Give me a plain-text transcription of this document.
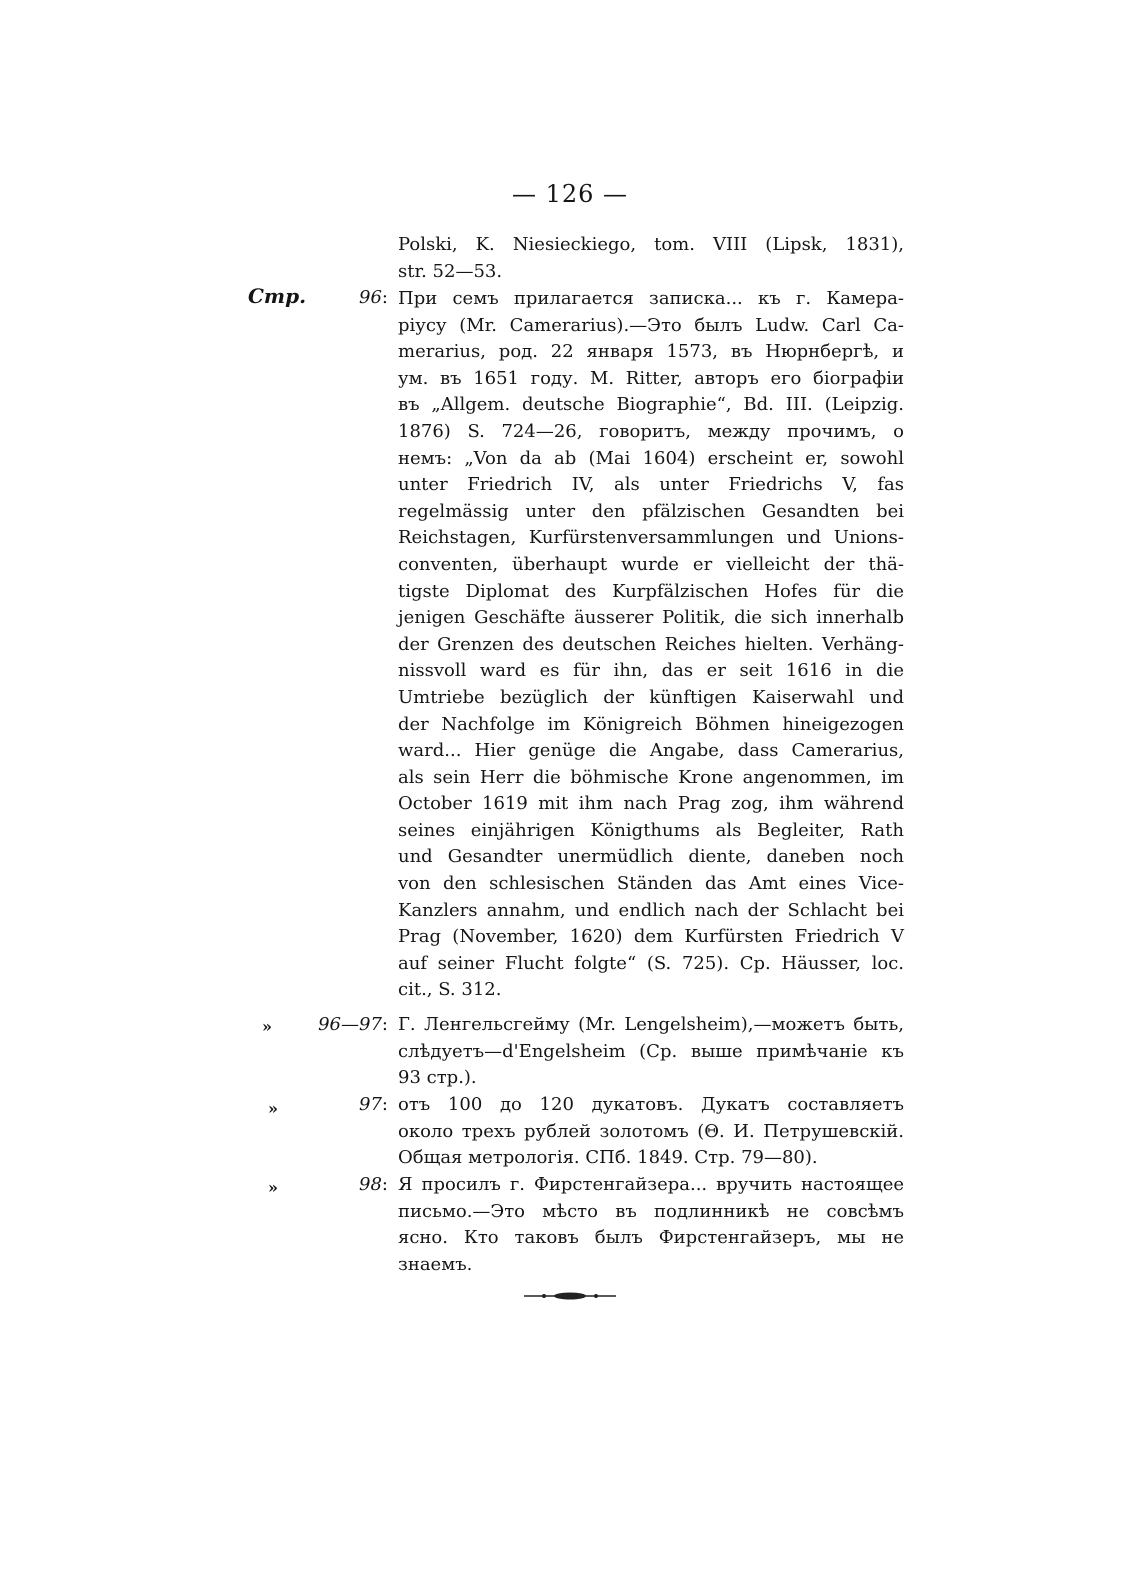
— 126 —
Polski, K. Niesieckiego, tom. VIII (Lipsk, 1831),
str. 52—53.
Стр.	96: При семъ прилагается записка... къ г. Камера-
рiусу (Mr. Camerarius).—Это былъ Ludw. Carl Ca-
merarius, род. 22 января 1573, въ Нюрнбергѣ, и
ум. въ 1651 году. M. Ritter, авторъ его бiографiи
въ „Allgem. deutsche Biographie“, Bd. III. (Leipzig.
1876) S. 724—26, говоритъ, между прочимъ, о
немъ: „Von da ab (Mai 1604) erscheint er, sowohl
unter Friedrich IV, als unter Friedrichs V, fas
regelmässig unter den pfälzischen Gesandten bei
Reichstagen, Kurfürstenversammlungen und Unions-
conventen, überhaupt wurde er vielleicht der thä-
tigste Diplomat des Kurpfälzischen Hofes für die
jenigen Geschäfte äusserer Politik, die sich innerhalb
der Grenzen des deutschen Reiches hielten. Verhäng-
nissvoll ward es für ihn, das er seit 1616 in die
Umtriebe bezüglich der künftigen Kaiserwahl und
der Nachfolge im Königreich Böhmen hineigezogen
ward... Hier genüge die Angabe, dass Camerarius,
als sein Herr die böhmische Krone angenommen, im
October 1619 mit ihm nach Prag zog, ihm während
seines einjährigen Königthums als Begleiter, Rath
und Gesandter unermüdlich diente, daneben noch
von den schlesischen Ständen das Amt eines Vice-
Kanzlers annahm, und endlich nach der Schlacht bei
Prag (November, 1620) dem Kurfürsten Friedrich V
auf seiner Flucht folgte“ (S. 725). Ср. Häusser, loc.
cit., S. 312.
»	96—97: Г. Ленгельсгейму (Mr. Lengelsheim),—можетъ быть,
слѣдуетъ—d'Engelsheim (Ср. выше примѣчанiе къ
93 стр.).
»	97: отъ 100 до 120 дукатовъ. Дукатъ составляетъ
около трехъ рублей золотомъ (Θ. И. Петрушевскiй.
Общая метрологiя. СПб. 1849. Стр. 79—80).
»	98: Я просилъ г. Фирстенгайзера... вручить настоящее
письмо.—Это мѣсто въ подлинникѣ не совсѣмъ
ясно. Кто таковъ былъ Фирстенгайзеръ, мы не
знаемъ.
